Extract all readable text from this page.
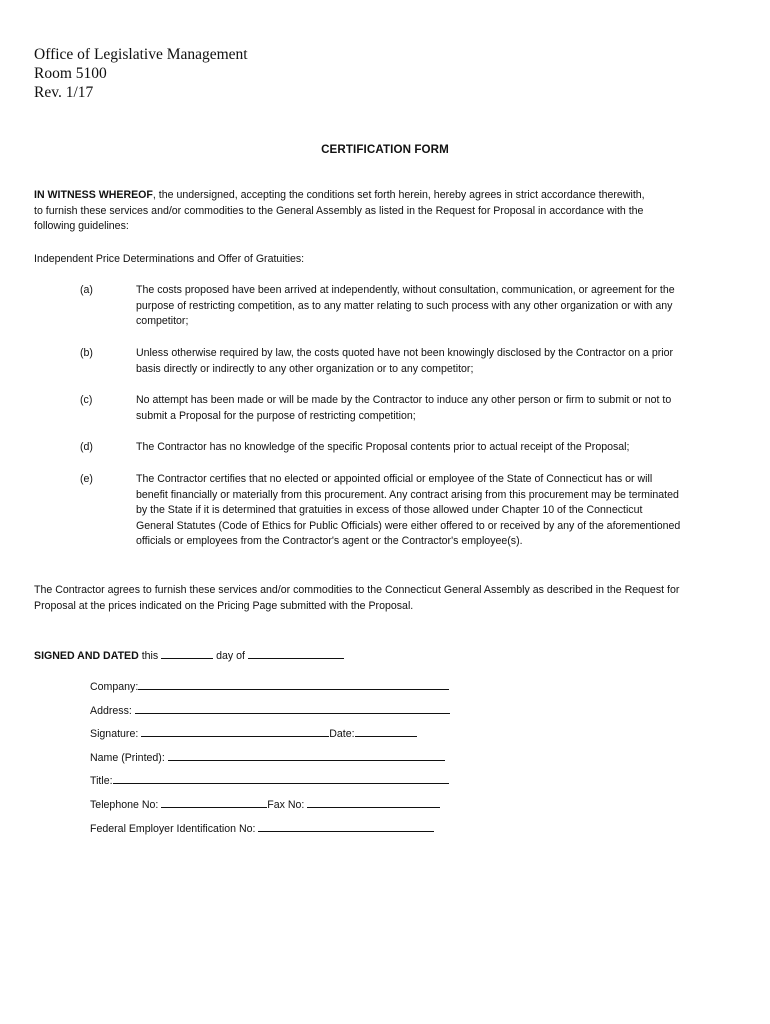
Office of Legislative Management
Room 5100
Rev. 1/17
CERTIFICATION FORM
IN WITNESS WHEREOF, the undersigned, accepting the conditions set forth herein, hereby agrees in strict accordance therewith, to furnish these services and/or commodities to the General Assembly as listed in the Request for Proposal in accordance with the following guidelines:
Independent Price Determinations and Offer of Gratuities:
(a)	The costs proposed have been arrived at independently, without consultation, communication, or agreement for the purpose of restricting competition, as to any matter relating to such process with any other organization or with any competitor;
(b)	Unless otherwise required by law, the costs quoted have not been knowingly disclosed by the Contractor on a prior basis directly or indirectly to any other organization or to any competitor;
(c)	No attempt has been made or will be made by the Contractor to induce any other person or firm to submit or not to submit a Proposal for the purpose of restricting competition;
(d)	The Contractor has no knowledge of the specific Proposal contents prior to actual receipt of the Proposal;
(e)	The Contractor certifies that no elected or appointed official or employee of the State of Connecticut has or will benefit financially or materially from this procurement. Any contract arising from this procurement may be terminated by the State if it is determined that gratuities in excess of those allowed under Chapter 10 of the Connecticut General Statutes (Code of Ethics for Public Officials) were either offered to or received by any of the aforementioned officials or employees from the Contractor's agent or the Contractor's employee(s).
The Contractor agrees to furnish these services and/or commodities to the Connecticut General Assembly as described in the Request for Proposal at the prices indicated on the Pricing Page submitted with the Proposal.
SIGNED AND DATED this	day of
Company:
Address:
Signature:	Date:
Name (Printed):
Title:
Telephone No:	Fax No:
Federal Employer Identification No:
